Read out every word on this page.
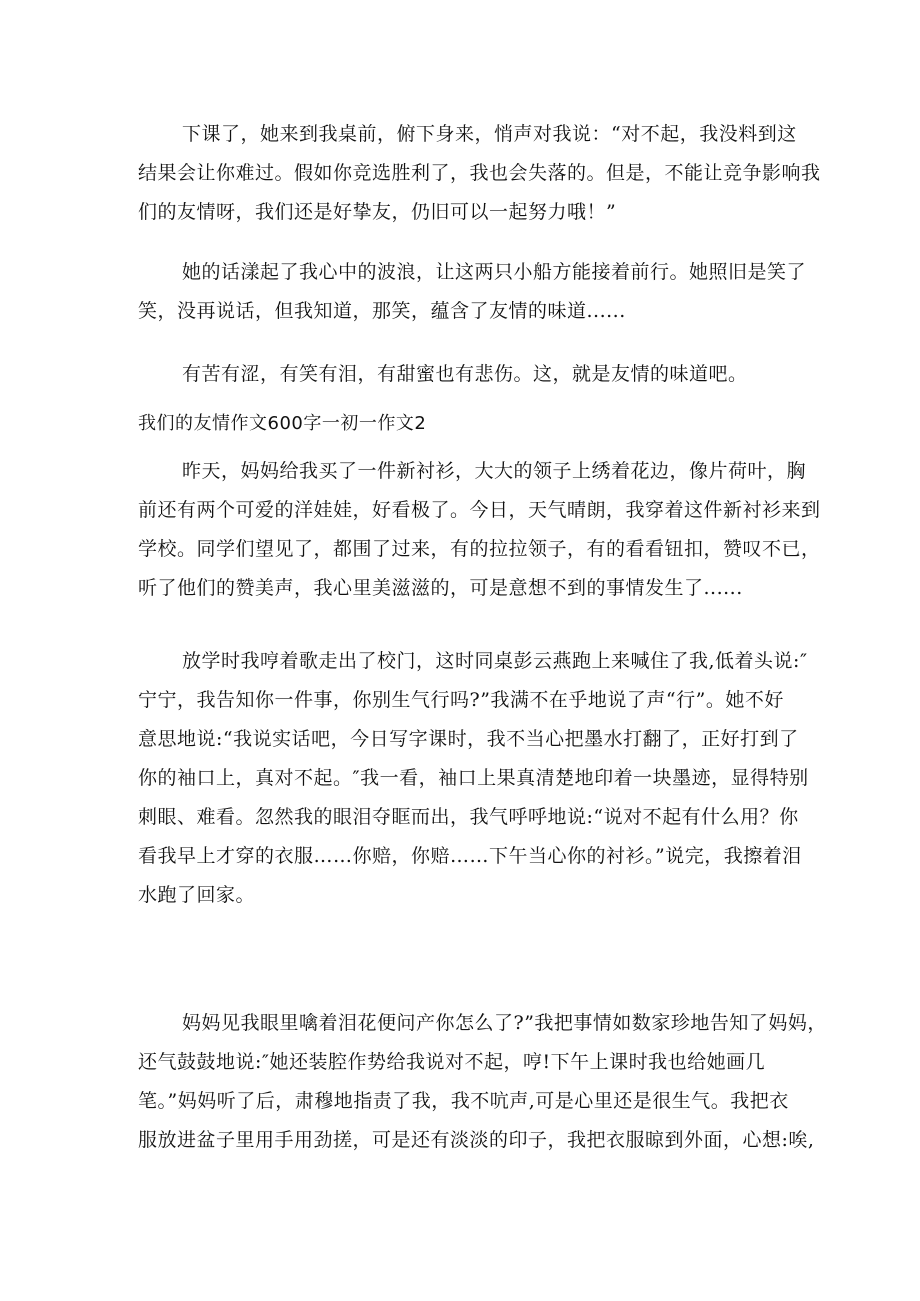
下课了，她来到我桌前，俯下身来，悄声对我说：“对不起，我没料到这
结果会让你难过。假如你竞选胜利了，我也会失落的。但是，不能让竞争影响我
们的友情呀，我们还是好挚友，仍旧可以一起努力哦！”
她的话漾起了我心中的波浪，让这两只小船方能接着前行。她照旧是笑了
笑，没再说话，但我知道，那笑，蕴含了友情的味道......
有苦有涩，有笑有泪，有甜蜜也有悲伤。这，就是友情的味道吧。
我们的友情作文600字一初一作文2
昨天，妈妈给我买了一件新衬衫，大大的领子上绣着花边，像片荷叶，胸
前还有两个可爱的洋娃娃，好看极了。今日，天气晴朗，我穿着这件新衬衫来到
学校。同学们望见了，都围了过来，有的拉拉领子，有的看看钮扣，赞叹不已，
听了他们的赞美声，我心里美滋滋的，可是意想不到的事情发生了......
放学时我哼着歌走出了校门，这时同桌彭云燕跑上来喊住了我,低着头说:″
宁宁，我告知你一件事，你别生气行吗?”我满不在乎地说了声“行”。她不好
意思地说:“我说实话吧，今日写字课时，我不当心把墨水打翻了，正好打到了
你的袖口上，真对不起。″我一看，袖口上果真清楚地印着一块墨迹，显得特别
刺眼、难看。忽然我的眼泪夺眶而出，我气呼呼地说:“说对不起有什么用？你
看我早上才穿的衣服……你赔，你赔……下午当心你的衬衫。”说完，我擦着泪
水跑了回家。
妈妈见我眼里噙着泪花便问产你怎么了?”我把事情如数家珍地告知了妈妈，
还气鼓鼓地说:″她还装腔作势给我说对不起，哼!下午上课时我也给她画几
笔。”妈妈听了后，肃穆地指责了我，我不吭声,可是心里还是很生气。我把衣
服放进盆子里用手用劲搓，可是还有淡淡的印子，我把衣服晾到外面，心想:唉,
